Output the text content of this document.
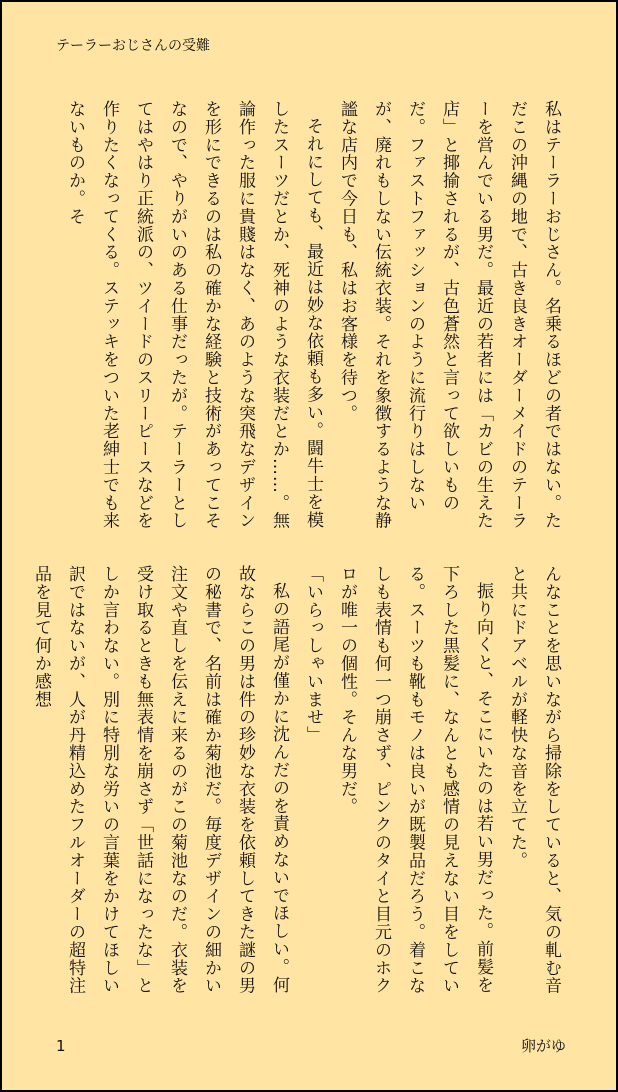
テーラーおじさんの受難

私はテーラーおじさん。名乗るほどの者ではない。ただこの沖縄の地で、古き良きオーダーメイドのテーラーを営んでいる男だ。最近の若者には「カビの生えた店」と揶揄されるが、古色蒼然と言って欲しいものだ。ファストファッションのように流行りはしないが、廃れもしない伝統衣装。それを象徴するような静謐な店内で今日も、私はお客様を待つ。

それにしても、最近は妙な依頼も多い。闘牛士を模したスーツだとか、死神のような衣装だとか……。無論作った服に貴賤はなく、あのような突飛なデザインを形にできるのは私の確かな経験と技術があってこそなので、やりがいのある仕事だったが。テーラーとしてはやはり正統派の、ツイードのスリーピースなどを作りたくなってくる。ステッキをついた老紳士でも来ないものか。そ

んなことを思いながら掃除をしていると、気の軋む音と共にドアベルが軽快な音を立てた。

振り向くと、そこにいたのは若い男だった。前髪を下ろした黒髪に、なんとも感情の見えない目をしている。スーツも靴もモノは良いが既製品だろう。着こなしも表情も何一つ崩さず、ピンクのタイと目元のホクロが唯一の個性。そんな男だ。

「いらっしゃいませ」

私の語尾が僅かに沈んだのを責めないでほしい。何故ならこの男は件の珍妙な衣装を依頼してきた謎の男の秘書で、名前は確か菊池だ。毎度デザインの細かい注文や直しを伝えに来るのがこの菊池なのだ。衣装を受け取るときも無表情を崩さず「世話になったな」としか言わない。別に特別な労いの言葉をかけてほしい訳ではないが、人が丹精込めたフルオーダーの超特注品を見て何か感想

1	卵がゆ
